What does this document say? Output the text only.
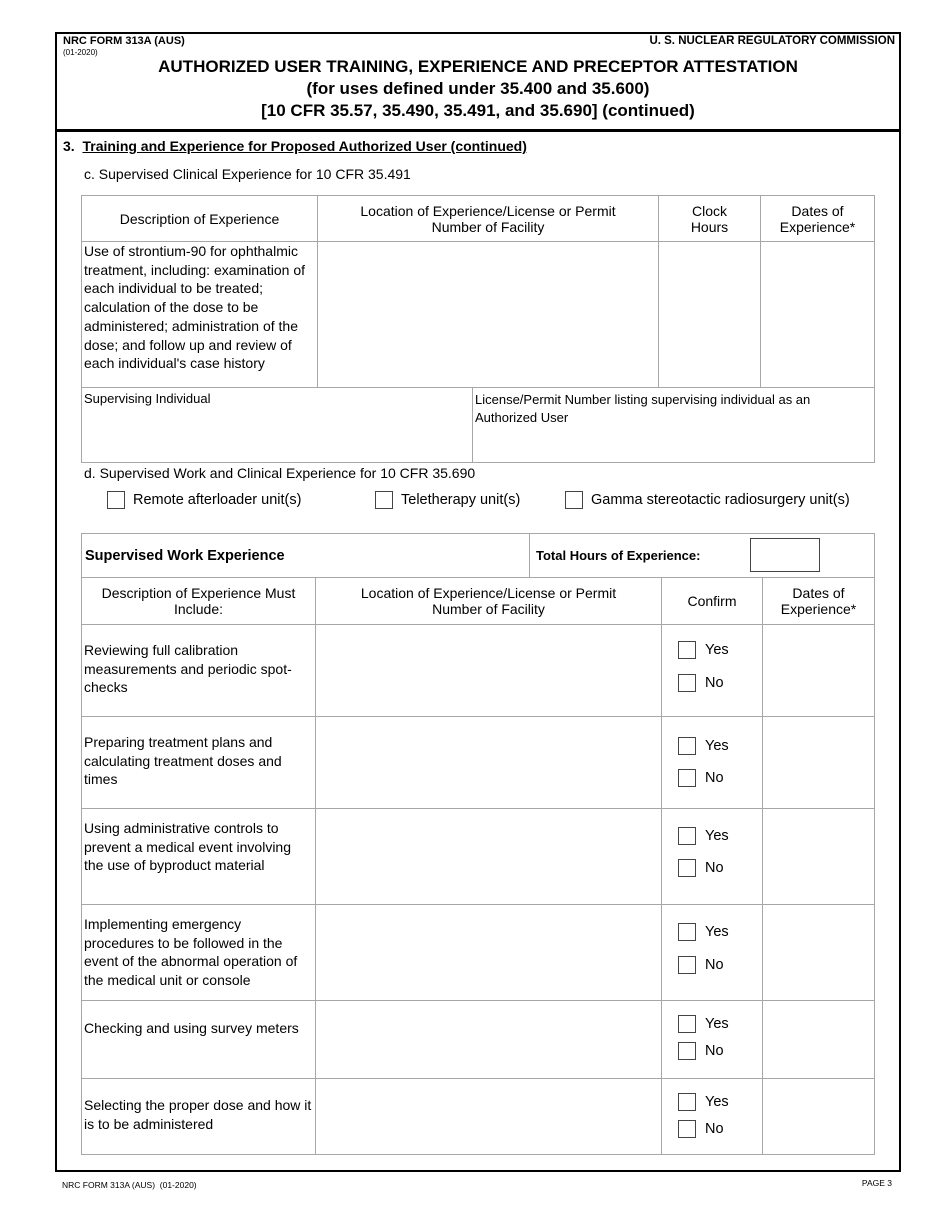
NRC FORM 313A (AUS)
(01-2020)
U. S. NUCLEAR REGULATORY COMMISSION
AUTHORIZED USER TRAINING, EXPERIENCE AND PRECEPTOR ATTESTATION
(for uses defined under 35.400 and 35.600)
[10 CFR 35.57, 35.490, 35.491, and 35.690] (continued)
3. Training and Experience for Proposed Authorized User (continued)
c. Supervised Clinical Experience for 10 CFR 35.491
Description of Experience	Location of Experience/License or Permit Number of Facility	Clock Hours	Dates of Experience*
Use of strontium-90 for ophthalmic treatment, including: examination of each individual to be treated; calculation of the dose to be administered; administration of the dose; and follow up and review of each individual's case history			
Supervising Individual	License/Permit Number listing supervising individual as an Authorized User
d. Supervised Work and Clinical Experience for 10 CFR 35.690
Remote afterloader unit(s)	Teletherapy unit(s)	Gamma stereotactic radiosurgery unit(s)
Supervised Work Experience	Total Hours of Experience:
Description of Experience Must Include:	Location of Experience/License or Permit Number of Facility	Confirm	Dates of Experience*
Reviewing full calibration measurements and periodic spot-checks		Yes
No	

Preparing treatment plans and calculating treatment doses and times		Yes
No	

Using administrative controls to prevent a medical event involving the use of byproduct material		Yes
No	

Implementing emergency procedures to be followed in the event of the abnormal operation of the medical unit or console		Yes
No	

Checking and using survey meters		Yes
No	

Selecting the proper dose and how it is to be administered		Yes
No	

NRC FORM 313A (AUS)  (01-2020)	PAGE 3
